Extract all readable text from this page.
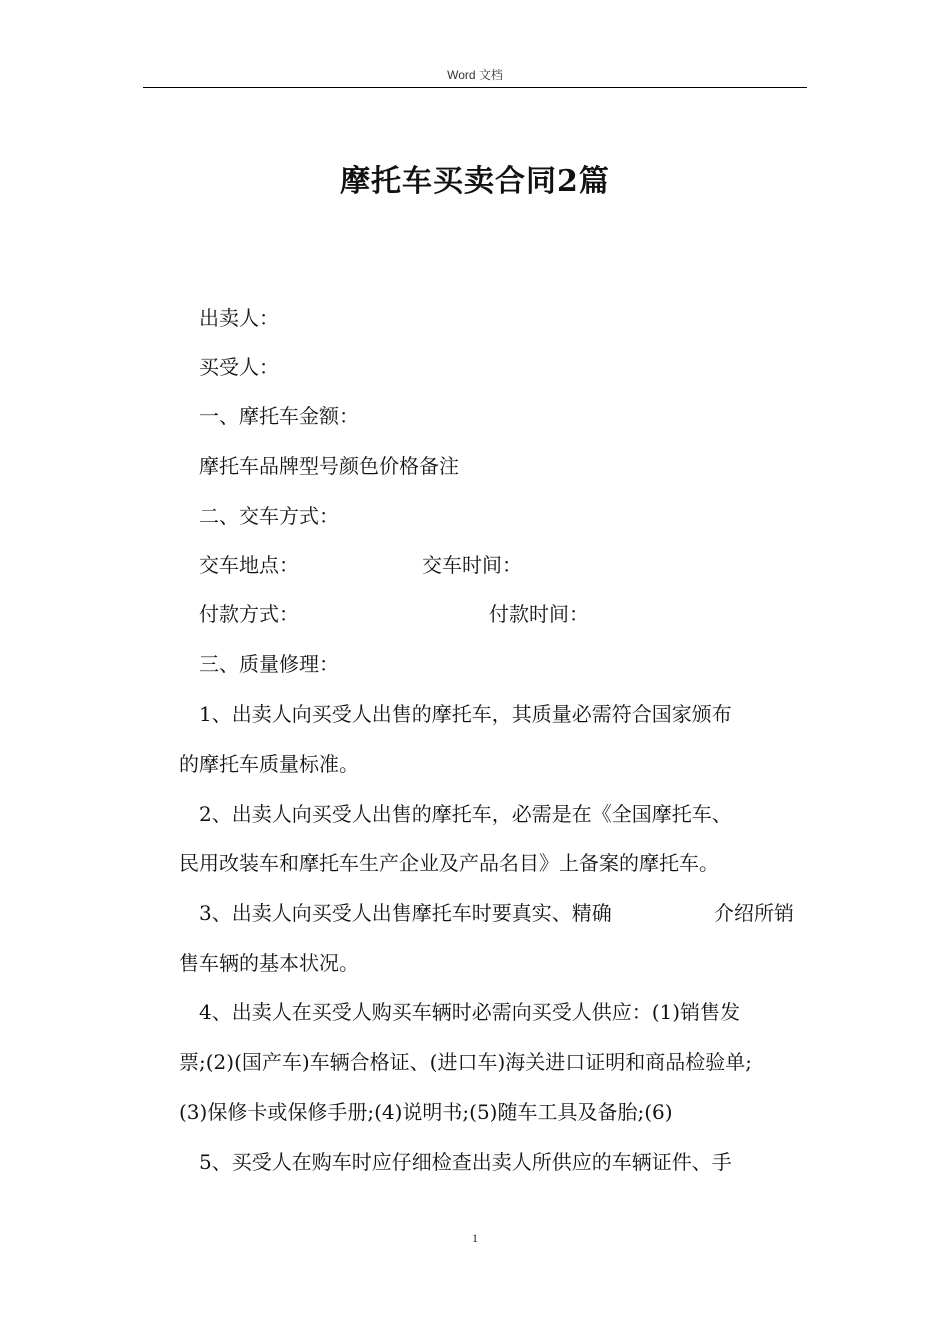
Word 文档
摩托车买卖合同2篇
出卖人：
买受人：
一、摩托车金额：
摩托车品牌型号颜色价格备注
二、交车方式：
交车地点：	交车时间：
付款方式：	付款时间：
三、质量修理：
1、出卖人向买受人出售的摩托车，其质量必需符合国家颁布
的摩托车质量标准。
2、出卖人向买受人出售的摩托车，必需是在《全国摩托车、
民用改装车和摩托车生产企业及产品名目》上备案的摩托车。
3、出卖人向买受人出售摩托车时要真实、精确	介绍所销
售车辆的基本状况。
4、出卖人在买受人购买车辆时必需向买受人供应：(1)销售发
票;(2)(国产车)车辆合格证、(进口车)海关进口证明和商品检验单;
(3)保修卡或保修手册;(4)说明书;(5)随车工具及备胎;(6)
5、买受人在购车时应仔细检查出卖人所供应的车辆证件、手
1
